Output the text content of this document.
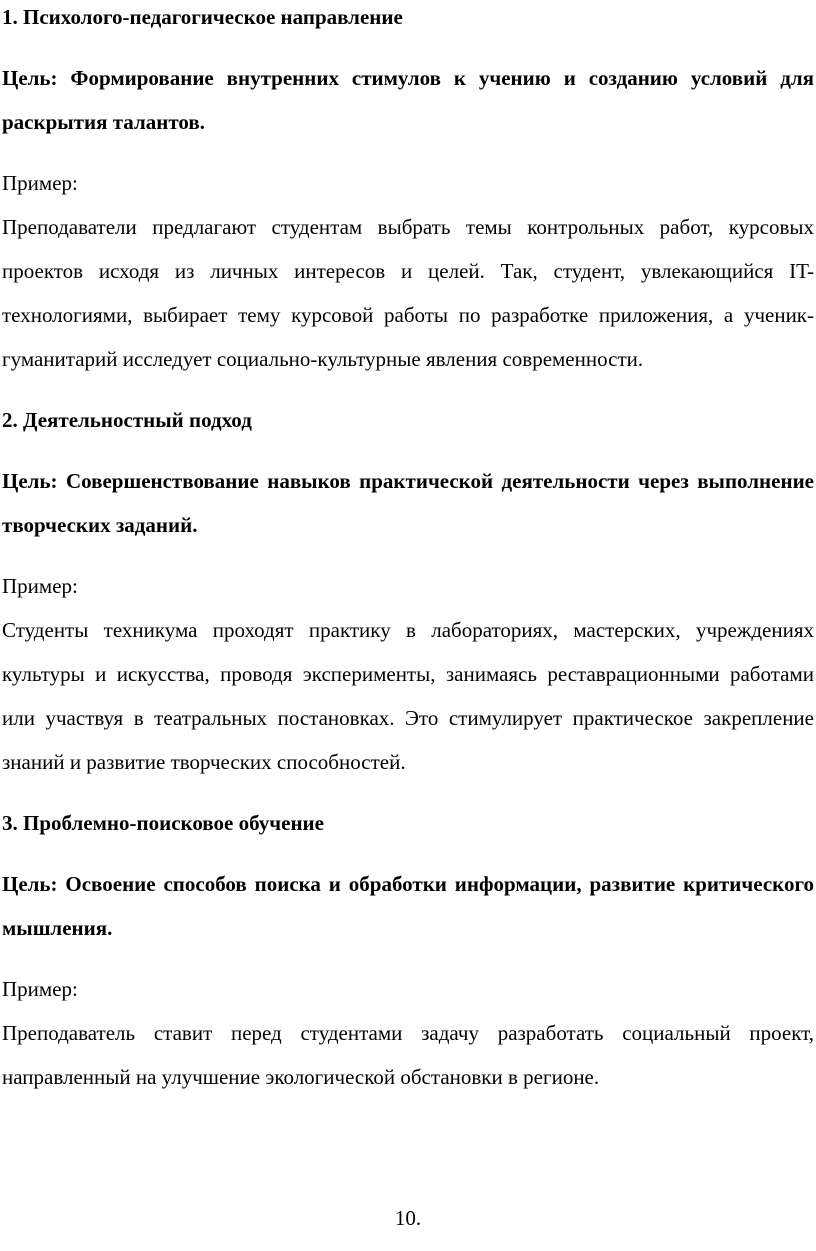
1. Психолого-педагогическое направление

Цель: Формирование внутренних стимулов к учению и созданию условий для раскрытия талантов.

Пример:

Преподаватели предлагают студентам выбрать темы контрольных работ, курсовых проектов исходя из личных интересов и целей. Так, студент, увлекающийся IT-технологиями, выбирает тему курсовой работы по разработке приложения, а ученик-гуманитарий исследует социально-культурные явления современности.

2. Деятельностный подход

Цель: Совершенствование навыков практической деятельности через выполнение творческих заданий.

Пример:

Студенты техникума проходят практику в лабораториях, мастерских, учреждениях культуры и искусства, проводя эксперименты, занимаясь реставрационными работами или участвуя в театральных постановках. Это стимулирует практическое закрепление знаний и развитие творческих способностей.

3. Проблемно-поисковое обучение

Цель: Освоение способов поиска и обработки информации, развитие критического мышления.

Пример:

Преподаватель ставит перед студентами задачу разработать социальный проект, направленный на улучшение экологической обстановки в регионе.

10.
